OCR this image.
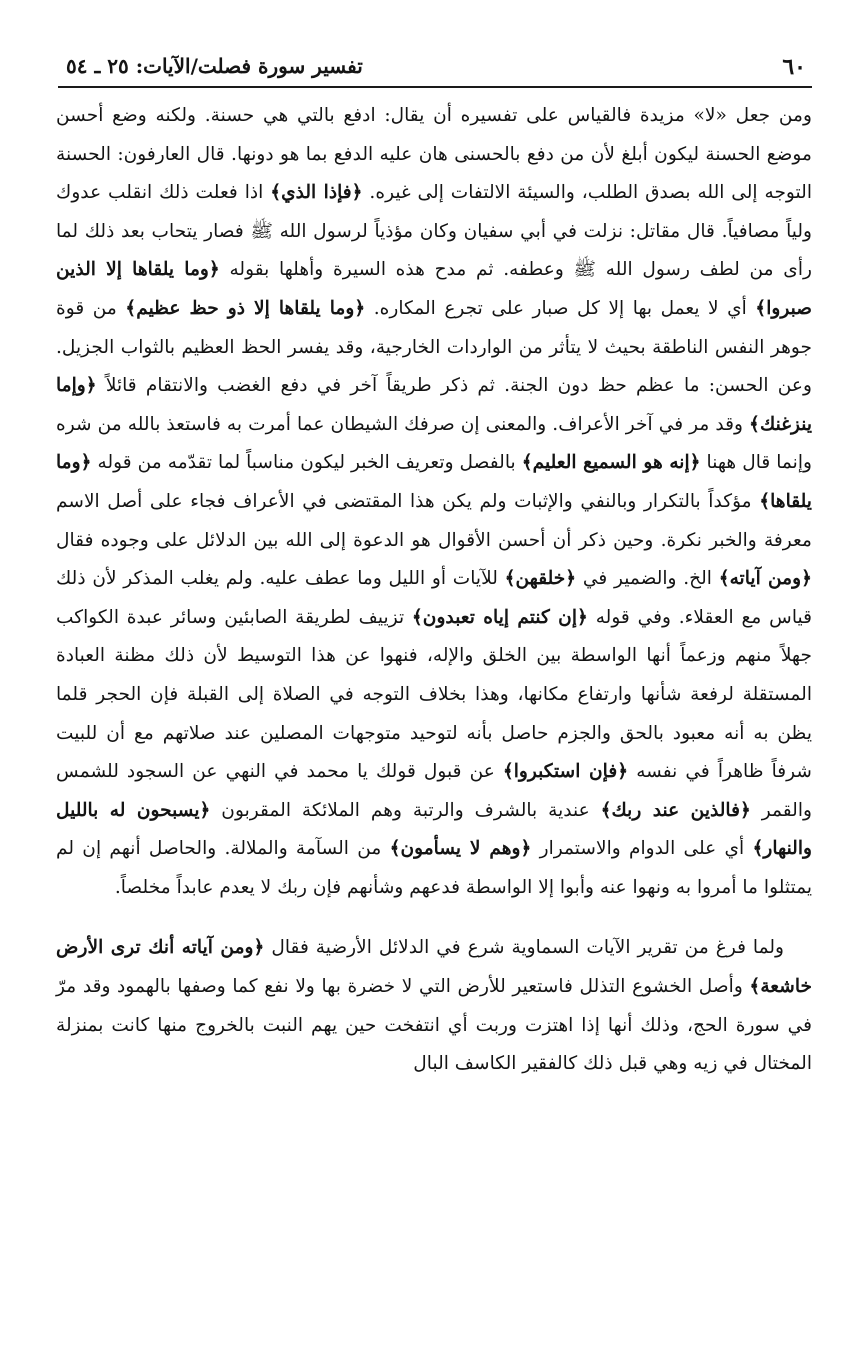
٦٠
تفسير سورة فصلت/الآيات: ٢٥ ـ ٥٤

ومن جعل «لا» مزيدة فالقياس على تفسيره أن يقال: ادفع بالتي هي حسنة. ولكنه وضع أحسن موضع الحسنة ليكون أبلغ لأن من دفع بالحسنى هان عليه الدفع بما هو دونها. قال العارفون: الحسنة التوجه إلى الله بصدق الطلب، والسيئة الالتفات إلى غيره. ﴿فإذا الذي﴾ اذا فعلت ذلك انقلب عدوك ولياً مصافياً. قال مقاتل: نزلت في أبي سفيان وكان مؤذياً لرسول الله ﷺ فصار يتحاب بعد ذلك لما رأى من لطف رسول الله ﷺ وعطفه. ثم مدح هذه السيرة وأهلها بقوله ﴿وما يلقاها إلا الذين صبروا﴾ أي لا يعمل بها إلا كل صبار على تجرع المكاره. ﴿وما يلقاها إلا ذو حظ عظيم﴾ من قوة جوهر النفس الناطقة بحيث لا يتأثر من الواردات الخارجية، وقد يفسر الحظ العظيم بالثواب الجزيل. وعن الحسن: ما عظم حظ دون الجنة. ثم ذكر طريقاً آخر في دفع الغضب والانتقام قائلاً ﴿وإما ينزغنك﴾ وقد مر في آخر الأعراف. والمعنى إن صرفك الشيطان عما أمرت به فاستعذ بالله من شره وإنما قال ههنا ﴿إنه هو السميع العليم﴾ بالفصل وتعريف الخبر ليكون مناسباً لما تقدّمه من قوله ﴿وما يلقاها﴾ مؤكداً بالتكرار وبالنفي والإثبات ولم يكن هذا المقتضى في الأعراف فجاء على أصل الاسم معرفة والخبر نكرة. وحين ذكر أن أحسن الأقوال هو الدعوة إلى الله بين الدلائل على وجوده فقال ﴿ومن آياته﴾ الخ. والضمير في ﴿خلقهن﴾ للآيات أو الليل وما عطف عليه. ولم يغلب المذكر لأن ذلك قياس مع العقلاء. وفي قوله ﴿إن كنتم إياه تعبدون﴾ تزييف لطريقة الصابئين وسائر عبدة الكواكب جهلاً منهم وزعماً أنها الواسطة بين الخلق والإله، فنهوا عن هذا التوسيط لأن ذلك مظنة العبادة المستقلة لرفعة شأنها وارتفاع مكانها، وهذا بخلاف التوجه في الصلاة إلى القبلة فإن الحجر قلما يظن به أنه معبود بالحق والجزم حاصل بأنه لتوحيد متوجهات المصلين عند صلاتهم مع أن للبيت شرفاً ظاهراً في نفسه ﴿فإن استكبروا﴾ عن قبول قولك يا محمد في النهي عن السجود للشمس والقمر ﴿فالذين عند ربك﴾ عندية بالشرف والرتبة وهم الملائكة المقربون ﴿يسبحون له بالليل والنهار﴾ أي على الدوام والاستمرار ﴿وهم لا يسأمون﴾ من السآمة والملالة. والحاصل أنهم إن لم يمتثلوا ما أمروا به ونهوا عنه وأبوا إلا الواسطة فدعهم وشأنهم فإن ربك لا يعدم عابداً مخلصاً.

ولما فرغ من تقرير الآيات السماوية شرع في الدلائل الأرضية فقال ﴿ومن آياته أنك ترى الأرض خاشعة﴾ وأصل الخشوع التذلل فاستعير للأرض التي لا خضرة بها ولا نفع كما وصفها بالهمود وقد مرّ في سورة الحج، وذلك أنها إذا اهتزت وربت أي انتفخت حين يهم النبت بالخروج منها كانت بمنزلة المختال في زيه وهي قبل ذلك كالفقير الكاسف البال
